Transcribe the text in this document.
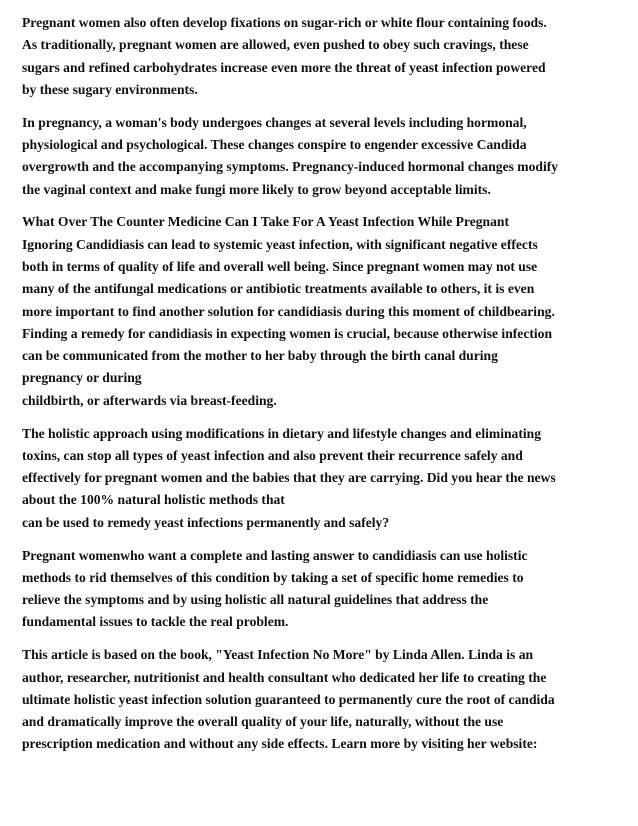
Pregnant women also often develop fixations on sugar-rich or white flour containing foods.
As traditionally, pregnant women are allowed, even pushed to obey such cravings, these
sugars and refined carbohydrates increase even more the threat of yeast infection powered
by these sugary environments.

In pregnancy, a woman's body undergoes changes at several levels including hormonal,
physiological and psychological. These changes conspire to engender excessive Candida
overgrowth and the accompanying symptoms. Pregnancy-induced hormonal changes modify
the vaginal context and make fungi more likely to grow beyond acceptable limits.

What Over The Counter Medicine Can I Take For A Yeast Infection While Pregnant
Ignoring Candidiasis can lead to systemic yeast infection, with significant negative effects
both in terms of quality of life and overall well being. Since pregnant women may not use
many of the antifungal medications or antibiotic treatments available to others, it is even
more important to find another solution for candidiasis during this moment of childbearing.
Finding a remedy for candidiasis in expecting women is crucial, because otherwise infection
can be communicated from the mother to her baby through the birth canal during
pregnancy or during
childbirth, or afterwards via breast-feeding.

The holistic approach using modifications in dietary and lifestyle changes and eliminating
toxins, can stop all types of yeast infection and also prevent their recurrence safely and
effectively for pregnant women and the babies that they are carrying. Did you hear the news
about the 100% natural holistic methods that
can be used to remedy yeast infections permanently and safely?

Pregnant womenwho want a complete and lasting answer to candidiasis can use holistic
methods to rid themselves of this condition by taking a set of specific home remedies to
relieve the symptoms and by using holistic all natural guidelines that address the
fundamental issues to tackle the real problem.

This article is based on the book, "Yeast Infection No More" by Linda Allen. Linda is an
author, researcher, nutritionist and health consultant who dedicated her life to creating the
ultimate holistic yeast infection solution guaranteed to permanently cure the root of candida
and dramatically improve the overall quality of your life, naturally, without the use
prescription medication and without any side effects. Learn more by visiting her website:
